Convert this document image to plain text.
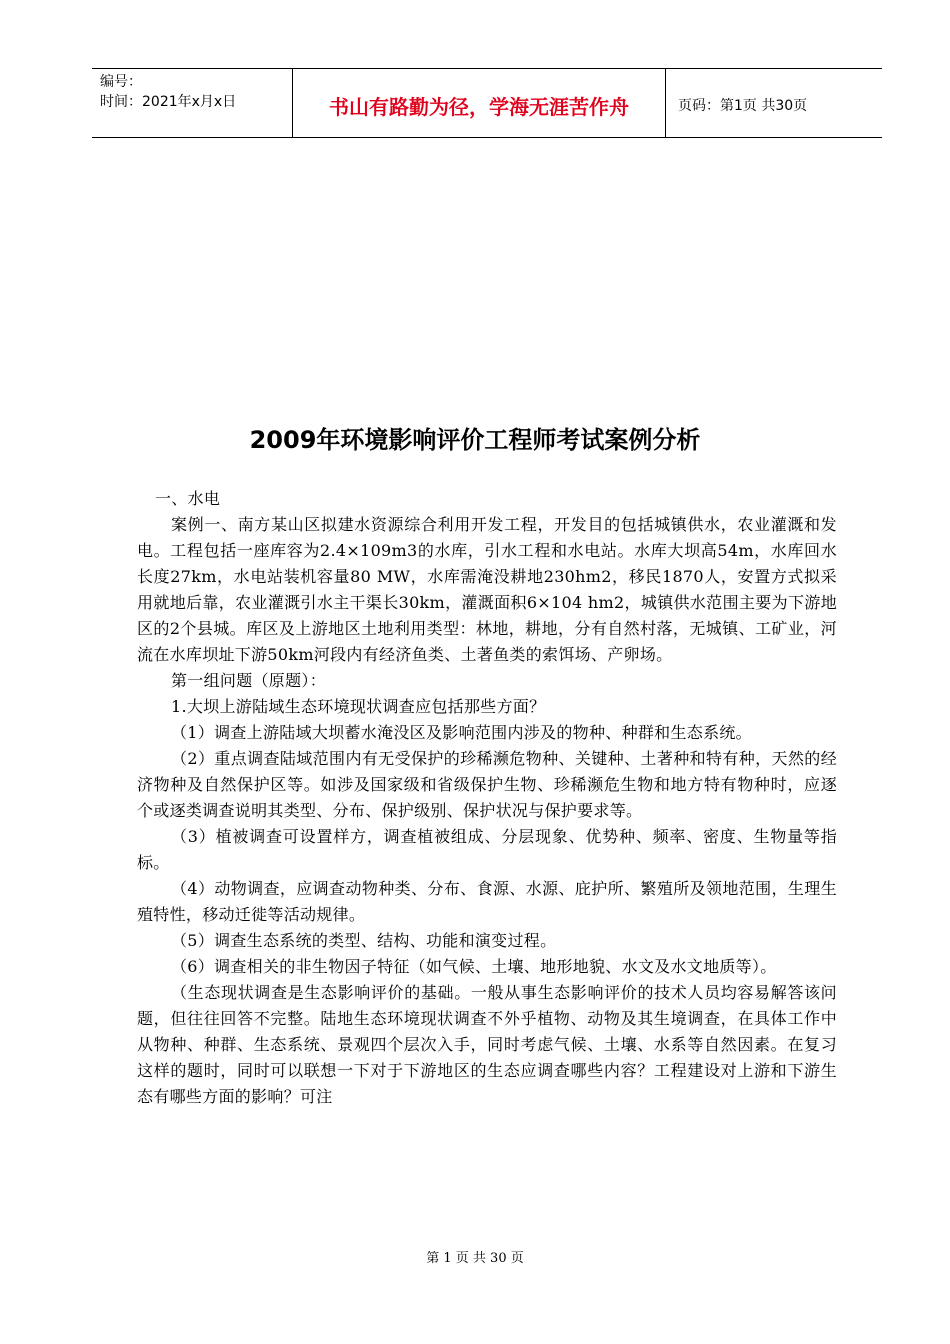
编号：
时间：2021年x月x日	书山有路勤为径，学海无涯苦作舟	页码：第1页 共30页
2009年环境影响评价工程师考试案例分析

一、水电

案例一、南方某山区拟建水资源综合利用开发工程，开发目的包括城镇供水，农业灌溉和发电。工程包括一座库容为2.4×109m3的水库，引水工程和水电站。水库大坝高54m，水库回水长度27km，水电站装机容量80 MW，水库需淹没耕地230hm2，移民1870人，安置方式拟采用就地后靠，农业灌溉引水主干渠长30km，灌溉面积6×104 hm2，城镇供水范围主要为下游地区的2个县城。库区及上游地区土地利用类型：林地，耕地，分有自然村落，无城镇、工矿业，河流在水库坝址下游50km河段内有经济鱼类、土著鱼类的索饵场、产卵场。

第一组问题（原题）：

1.大坝上游陆域生态环境现状调查应包括那些方面？

（1）调查上游陆域大坝蓄水淹没区及影响范围内涉及的物种、种群和生态系统。

（2）重点调查陆域范围内有无受保护的珍稀濒危物种、关键种、土著种和特有种，天然的经济物种及自然保护区等。如涉及国家级和省级保护生物、珍稀濒危生物和地方特有物种时，应逐个或逐类调查说明其类型、分布、保护级别、保护状况与保护要求等。

（3）植被调查可设置样方，调查植被组成、分层现象、优势种、频率、密度、生物量等指标。

（4）动物调查，应调查动物种类、分布、食源、水源、庇护所、繁殖所及领地范围，生理生殖特性，移动迁徙等活动规律。

（5）调查生态系统的类型、结构、功能和演变过程。

（6）调查相关的非生物因子特征（如气候、土壤、地形地貌、水文及水文地质等）。

（生态现状调查是生态影响评价的基础。一般从事生态影响评价的技术人员均容易解答该问题，但往往回答不完整。陆地生态环境现状调查不外乎植物、动物及其生境调查，在具体工作中从物种、种群、生态系统、景观四个层次入手，同时考虑气候、土壤、水系等自然因素。在复习这样的题时，同时可以联想一下对于下游地区的生态应调查哪些内容？工程建设对上游和下游生态有哪些方面的影响？可注

第 1 页 共 30 页
